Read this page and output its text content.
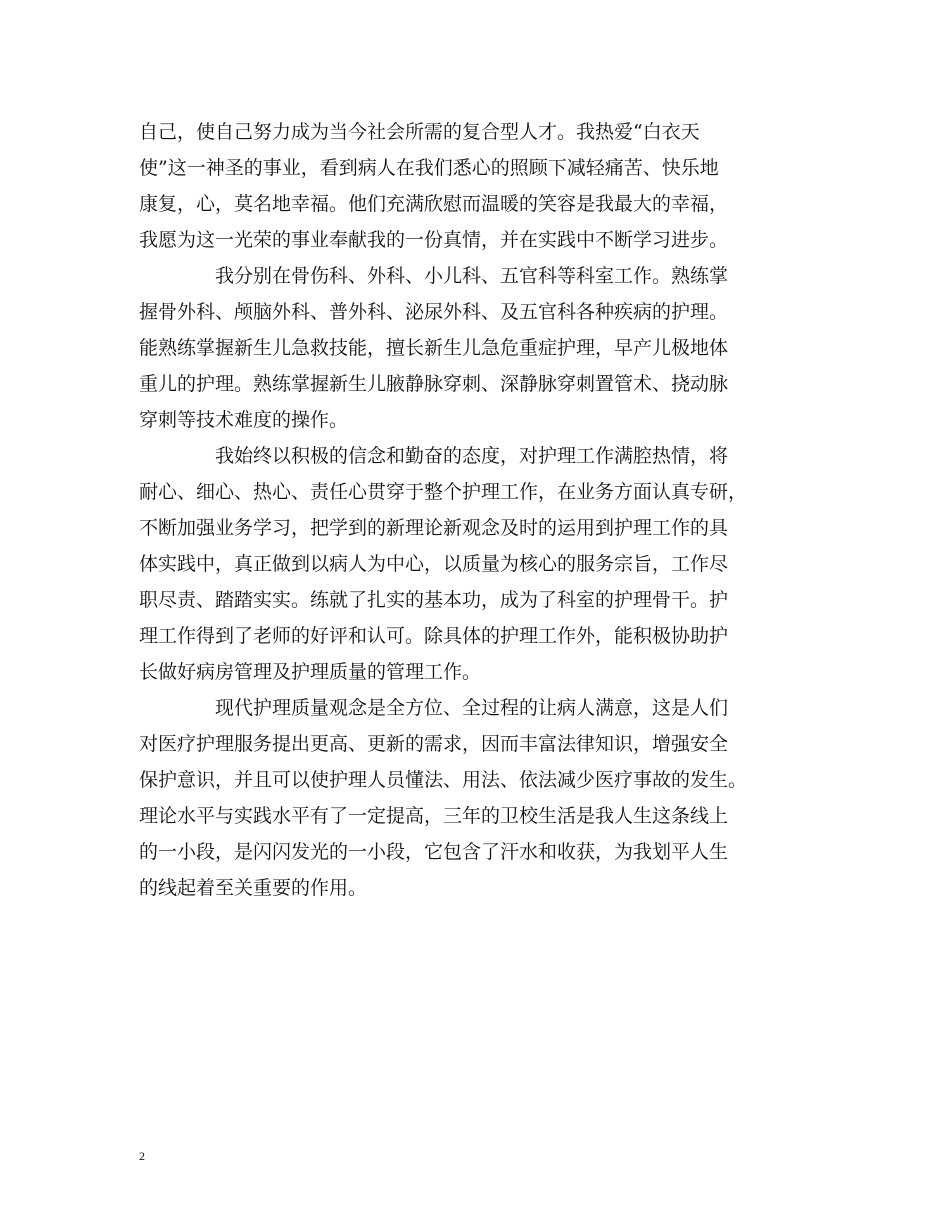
自己，使自己努力成为当今社会所需的复合型人才。我热爱“白衣天
使”这一神圣的事业，看到病人在我们悉心的照顾下减轻痛苦、快乐地
康复，心，莫名地幸福。他们充满欣慰而温暖的笑容是我最大的幸福，
我愿为这一光荣的事业奉献我的一份真情，并在实践中不断学习进步。
我分别在骨伤科、外科、小儿科、五官科等科室工作。熟练掌
握骨外科、颅脑外科、普外科、泌尿外科、及五官科各种疾病的护理。
能熟练掌握新生儿急救技能，擅长新生儿急危重症护理，早产儿极地体
重儿的护理。熟练掌握新生儿腋静脉穿刺、深静脉穿刺置管术、挠动脉
穿刺等技术难度的操作。
我始终以积极的信念和勤奋的态度，对护理工作满腔热情，将
耐心、细心、热心、责任心贯穿于整个护理工作，在业务方面认真专研，
不断加强业务学习，把学到的新理论新观念及时的运用到护理工作的具
体实践中，真正做到以病人为中心，以质量为核心的服务宗旨，工作尽
职尽责、踏踏实实。练就了扎实的基本功，成为了科室的护理骨干。护
理工作得到了老师的好评和认可。除具体的护理工作外，能积极协助护
长做好病房管理及护理质量的管理工作。
现代护理质量观念是全方位、全过程的让病人满意，这是人们
对医疗护理服务提出更高、更新的需求，因而丰富法律知识，增强安全
保护意识，并且可以使护理人员懂法、用法、依法减少医疗事故的发生。
理论水平与实践水平有了一定提高，三年的卫校生活是我人生这条线上
的一小段，是闪闪发光的一小段，它包含了汗水和收获，为我划平人生
的线起着至关重要的作用。
2
